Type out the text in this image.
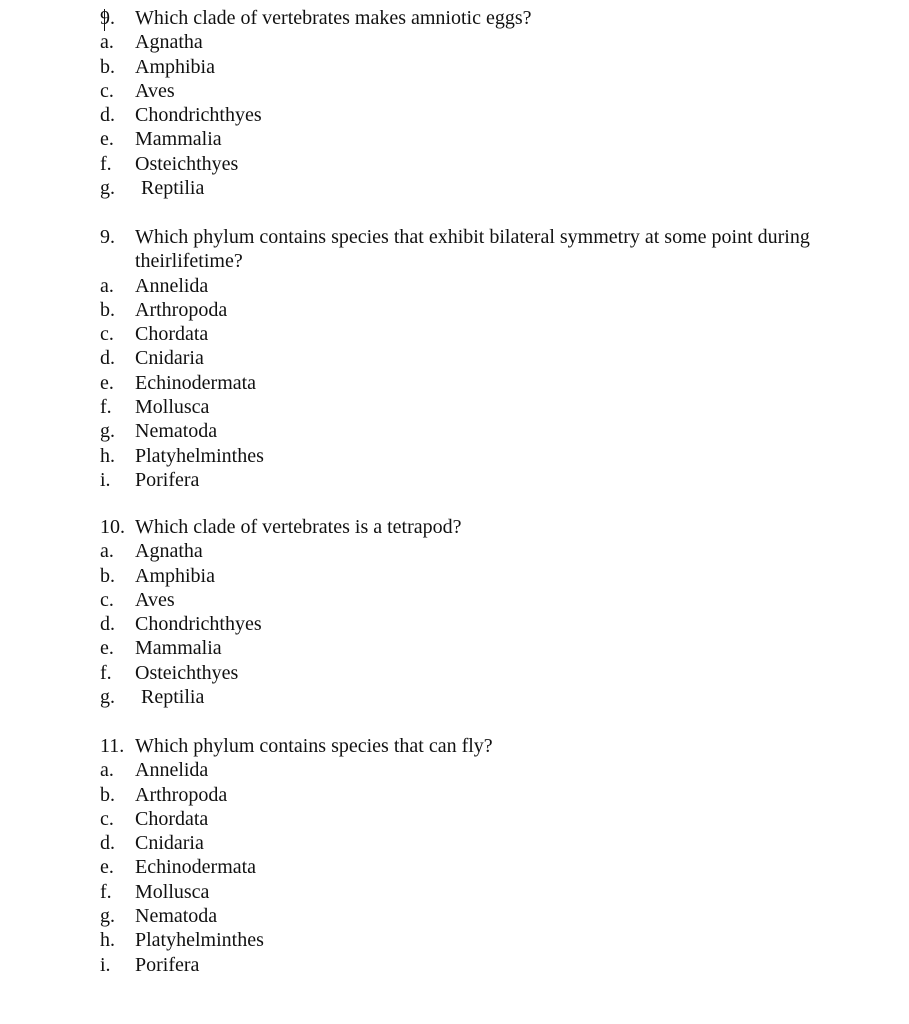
9. Which clade of vertebrates makes amniotic eggs?
a. Agnatha
b. Amphibia
c. Aves
d. Chondrichthyes
e. Mammalia
f. Osteichthyes
g. Reptilia
9. Which phylum contains species that exhibit bilateral symmetry at some point during theirlifetime?
a. Annelida
b. Arthropoda
c. Chordata
d. Cnidaria
e. Echinodermata
f. Mollusca
g. Nematoda
h. Platyhelminthes
i. Porifera
10. Which clade of vertebrates is a tetrapod?
a. Agnatha
b. Amphibia
c. Aves
d. Chondrichthyes
e. Mammalia
f. Osteichthyes
g. Reptilia
11. Which phylum contains species that can fly?
a. Annelida
b. Arthropoda
c. Chordata
d. Cnidaria
e. Echinodermata
f. Mollusca
g. Nematoda
h. Platyhelminthes
i. Porifera
